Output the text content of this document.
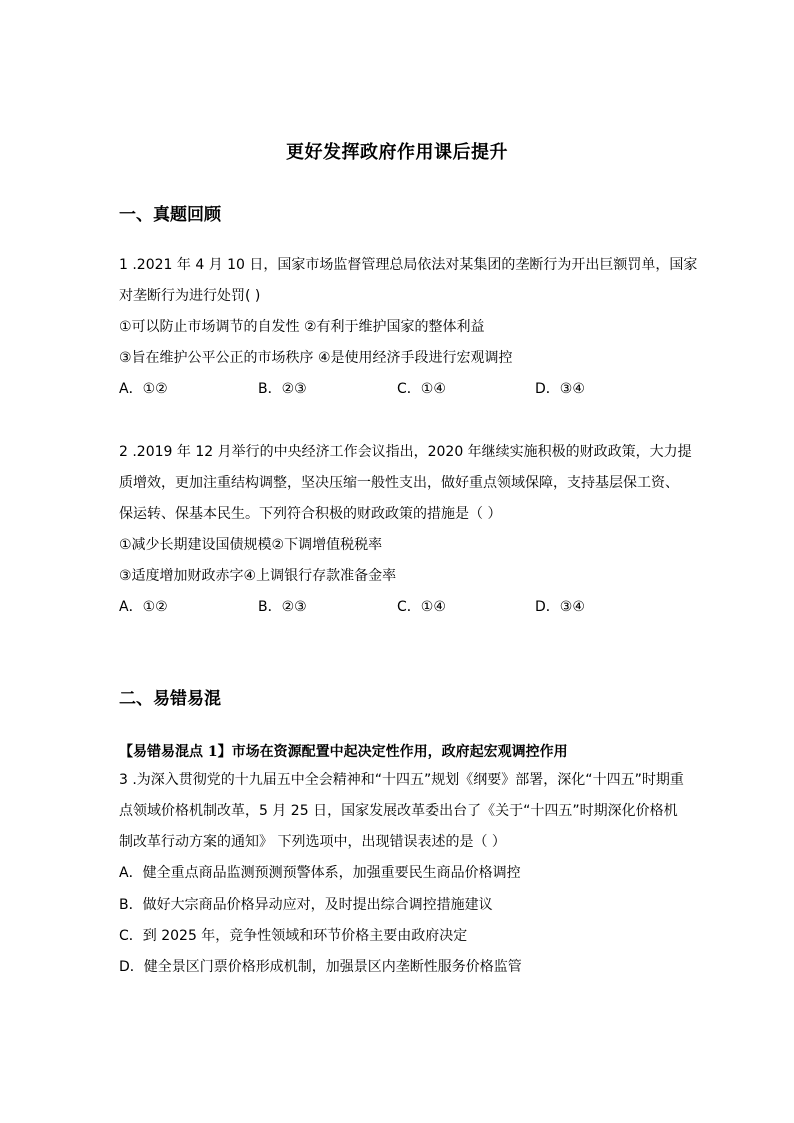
更好发挥政府作用课后提升
一、真题回顾
1 .2021 年 4 月 10 日，国家市场监督管理总局依法对某集团的垄断行为开出巨额罚单，国家
对垄断行为进行处罚( )
①可以防止市场调节的自发性 ②有利于维护国家的整体利益
③旨在维护公平公正的市场秩序 ④是使用经济手段进行宏观调控
A．①②	B．②③	C．①④	D．③④
2 .2019 年 12 月举行的中央经济工作会议指出，2020 年继续实施积极的财政政策，大力提
质增效，更加注重结构调整，坚决压缩一般性支出，做好重点领域保障，支持基层保工资、
保运转、保基本民生。下列符合积极的财政政策的措施是（ ）
①减少长期建设国债规模②下调增值税税率
③适度增加财政赤字④上调银行存款准备金率
A．①②	B．②③	C．①④	D．③④
二、易错易混
【易错易混点 1】市场在资源配置中起决定性作用，政府起宏观调控作用
3 .为深入贯彻党的十九届五中全会精神和“十四五”规划《纲要》部署，深化“十四五”时期重
点领域价格机制改革，5 月 25 日，国家发展改革委出台了《关于“十四五”时期深化价格机
制改革行动方案的通知》 下列选项中，出现错误表述的是（ ）
A．健全重点商品监测预测预警体系，加强重要民生商品价格调控
B．做好大宗商品价格异动应对，及时提出综合调控措施建议
C．到 2025 年，竞争性领域和环节价格主要由政府决定
D．健全景区门票价格形成机制，加强景区内垄断性服务价格监管
